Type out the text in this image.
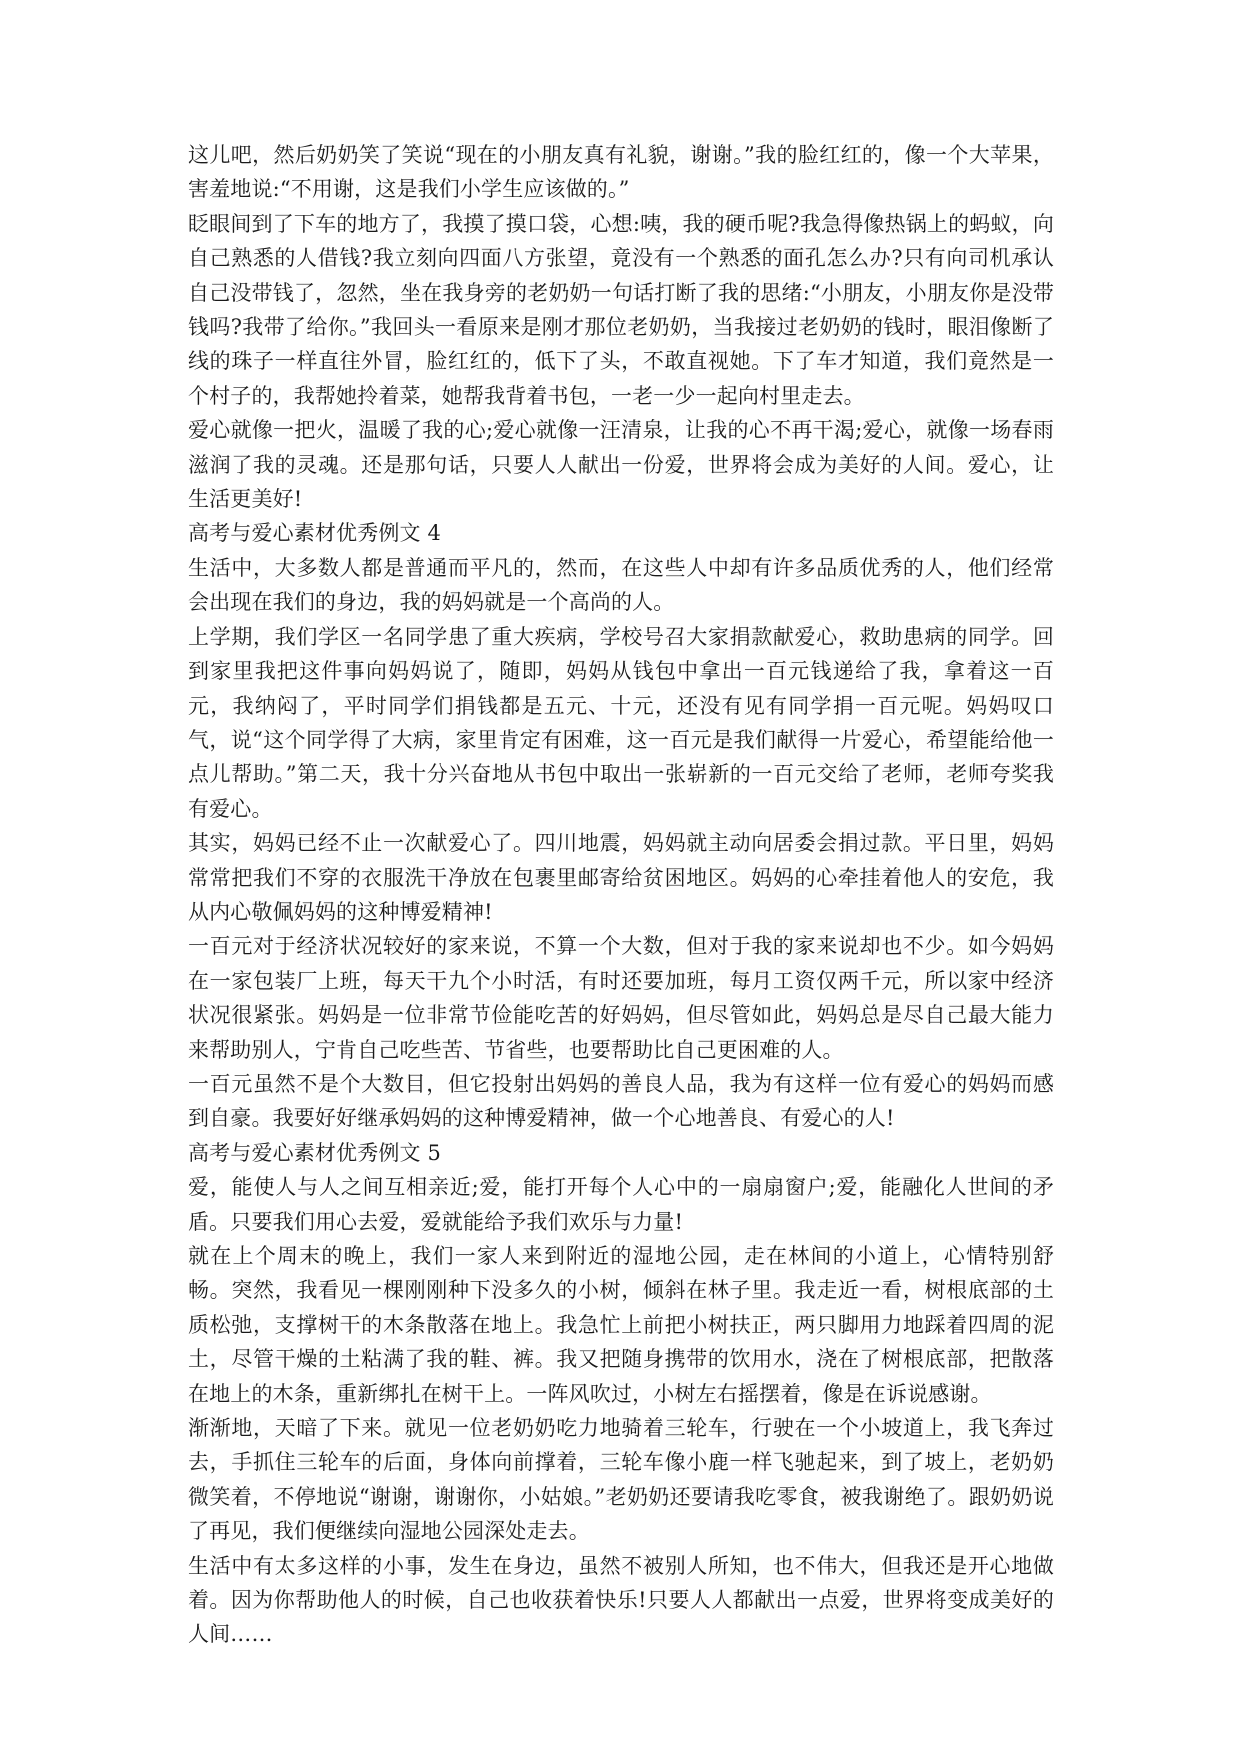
这儿吧，然后奶奶笑了笑说“现在的小朋友真有礼貌，谢谢。”我的脸红红的，像一个大苹果，害羞地说:“不用谢，这是我们小学生应该做的。”

眨眼间到了下车的地方了，我摸了摸口袋，心想:咦，我的硬币呢?我急得像热锅上的蚂蚁，向自己熟悉的人借钱?我立刻向四面八方张望，竟没有一个熟悉的面孔怎么办?只有向司机承认自己没带钱了，忽然，坐在我身旁的老奶奶一句话打断了我的思绪:“小朋友，小朋友你是没带钱吗?我带了给你。”我回头一看原来是刚才那位老奶奶，当我接过老奶奶的钱时，眼泪像断了线的珠子一样直往外冒，脸红红的，低下了头，不敢直视她。下了车才知道，我们竟然是一个村子的，我帮她拎着菜，她帮我背着书包，一老一少一起向村里走去。

爱心就像一把火，温暖了我的心;爱心就像一汪清泉，让我的心不再干渴;爱心，就像一场春雨滋润了我的灵魂。还是那句话，只要人人献出一份爱，世界将会成为美好的人间。爱心，让生活更美好!

高考与爱心素材优秀例文 4

生活中，大多数人都是普通而平凡的，然而，在这些人中却有许多品质优秀的人，他们经常会出现在我们的身边，我的妈妈就是一个高尚的人。

上学期，我们学区一名同学患了重大疾病，学校号召大家捐款献爱心，救助患病的同学。回到家里我把这件事向妈妈说了，随即，妈妈从钱包中拿出一百元钱递给了我，拿着这一百元，我纳闷了，平时同学们捐钱都是五元、十元，还没有见有同学捐一百元呢。妈妈叹口气，说“这个同学得了大病，家里肯定有困难，这一百元是我们献得一片爱心，希望能给他一点儿帮助。”第二天，我十分兴奋地从书包中取出一张崭新的一百元交给了老师，老师夸奖我有爱心。

其实，妈妈已经不止一次献爱心了。四川地震，妈妈就主动向居委会捐过款。平日里，妈妈常常把我们不穿的衣服洗干净放在包裹里邮寄给贫困地区。妈妈的心牵挂着他人的安危，我从内心敬佩妈妈的这种博爱精神!

一百元对于经济状况较好的家来说，不算一个大数，但对于我的家来说却也不少。如今妈妈在一家包装厂上班，每天干九个小时活，有时还要加班，每月工资仅两千元，所以家中经济状况很紧张。妈妈是一位非常节俭能吃苦的好妈妈，但尽管如此，妈妈总是尽自己最大能力来帮助别人，宁肯自己吃些苦、节省些，也要帮助比自己更困难的人。

一百元虽然不是个大数目，但它投射出妈妈的善良人品，我为有这样一位有爱心的妈妈而感到自豪。我要好好继承妈妈的这种博爱精神，做一个心地善良、有爱心的人!

高考与爱心素材优秀例文 5

爱，能使人与人之间互相亲近;爱，能打开每个人心中的一扇扇窗户;爱，能融化人世间的矛盾。只要我们用心去爱，爱就能给予我们欢乐与力量!

就在上个周末的晚上，我们一家人来到附近的湿地公园，走在林间的小道上，心情特别舒畅。突然，我看见一棵刚刚种下没多久的小树，倾斜在林子里。我走近一看，树根底部的土质松弛，支撑树干的木条散落在地上。我急忙上前把小树扶正，两只脚用力地踩着四周的泥土，尽管干燥的土粘满了我的鞋、裤。我又把随身携带的饮用水，浇在了树根底部，把散落在地上的木条，重新绑扎在树干上。一阵风吹过，小树左右摇摆着，像是在诉说感谢。

渐渐地，天暗了下来。就见一位老奶奶吃力地骑着三轮车，行驶在一个小坡道上，我飞奔过去，手抓住三轮车的后面，身体向前撑着，三轮车像小鹿一样飞驰起来，到了坡上，老奶奶微笑着，不停地说“谢谢，谢谢你，小姑娘。”老奶奶还要请我吃零食，被我谢绝了。跟奶奶说了再见，我们便继续向湿地公园深处走去。

生活中有太多这样的小事，发生在身边，虽然不被别人所知，也不伟大，但我还是开心地做着。因为你帮助他人的时候，自己也收获着快乐!只要人人都献出一点爱，世界将变成美好的人间……
